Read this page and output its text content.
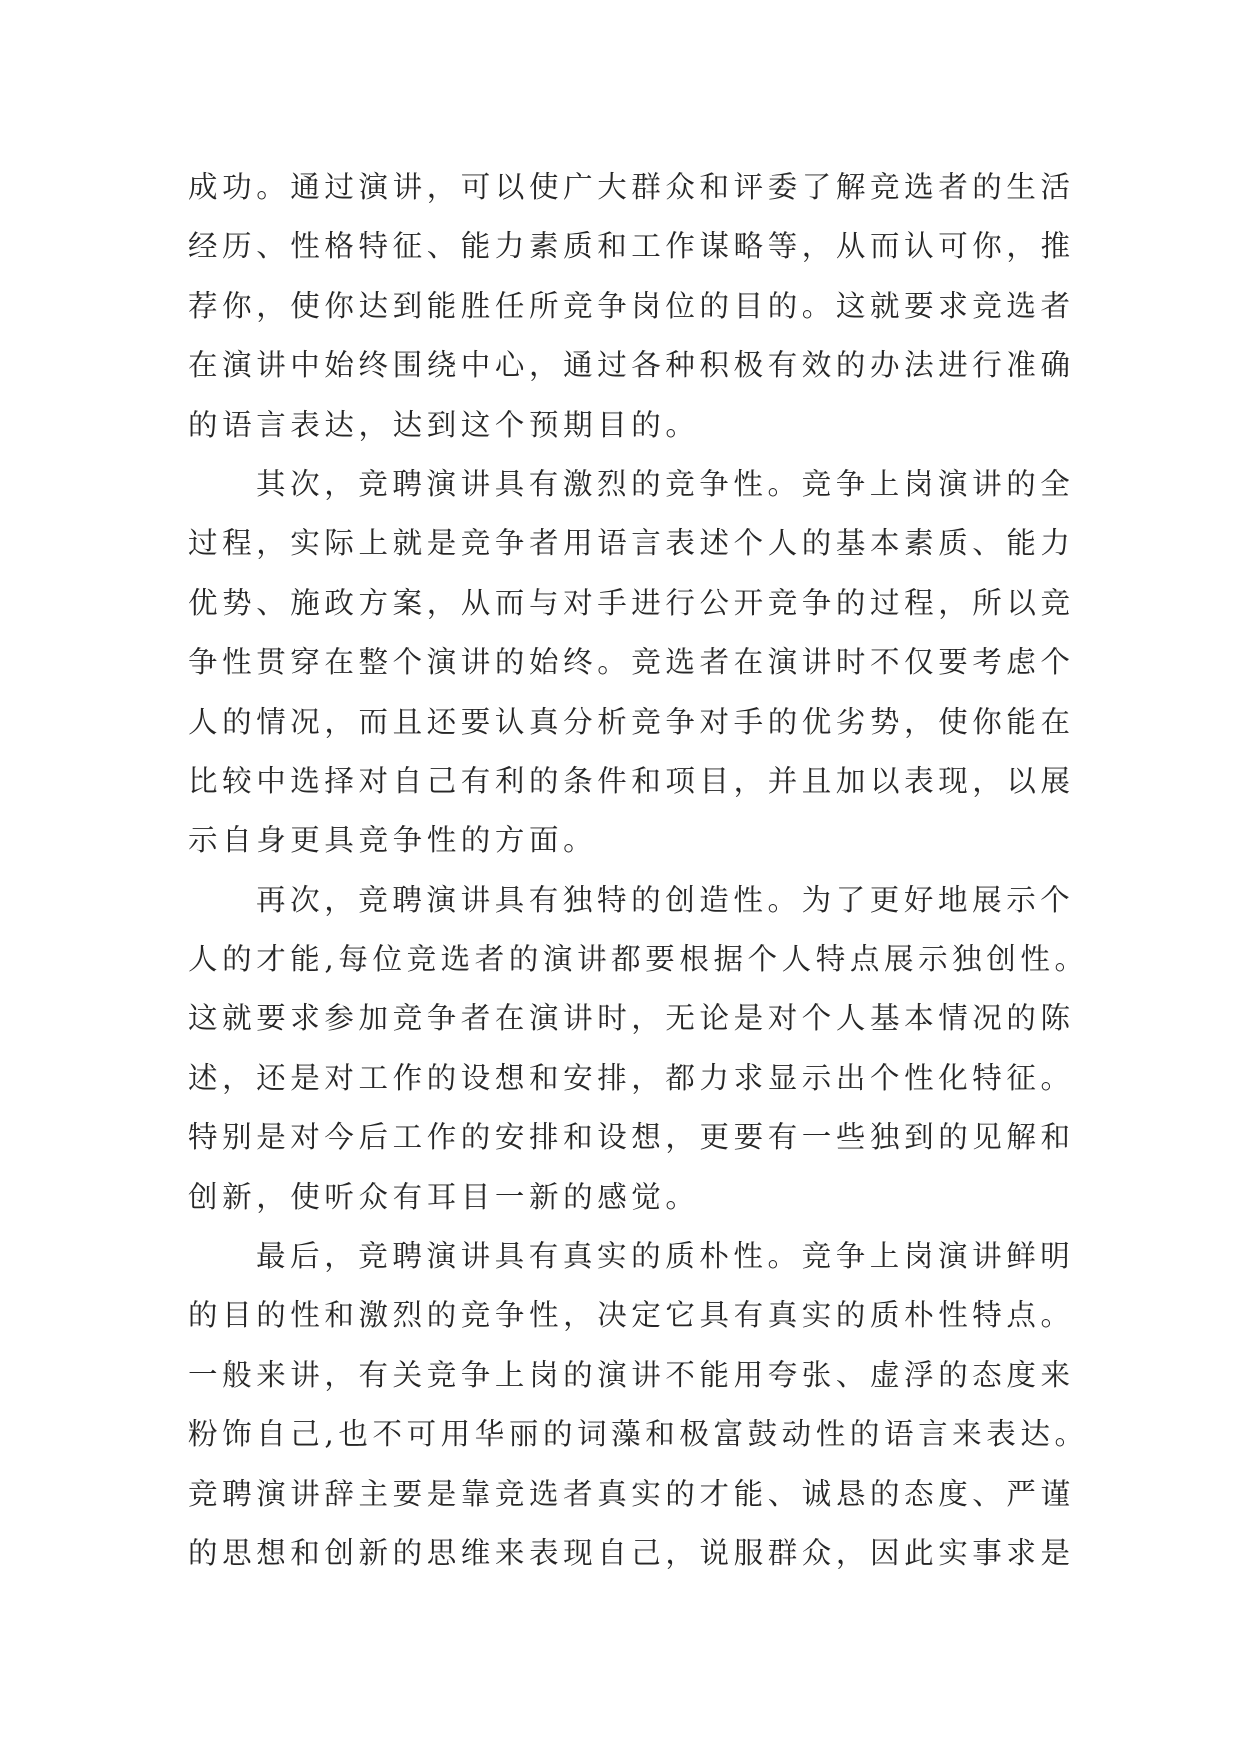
成功。通过演讲，可以使广大群众和评委了解竞选者的生活
经历、性格特征、能力素质和工作谋略等，从而认可你，推
荐你，使你达到能胜任所竞争岗位的目的。这就要求竞选者
在演讲中始终围绕中心，通过各种积极有效的办法进行准确
的语言表达，达到这个预期目的。
其次，竞聘演讲具有激烈的竞争性。竞争上岗演讲的全
过程，实际上就是竞争者用语言表述个人的基本素质、能力
优势、施政方案，从而与对手进行公开竞争的过程，所以竞
争性贯穿在整个演讲的始终。竞选者在演讲时不仅要考虑个
人的情况，而且还要认真分析竞争对手的优劣势，使你能在
比较中选择对自己有利的条件和项目，并且加以表现，以展
示自身更具竞争性的方面。
再次，竞聘演讲具有独特的创造性。为了更好地展示个
人的才能,每位竞选者的演讲都要根据个人特点展示独创性。
这就要求参加竞争者在演讲时，无论是对个人基本情况的陈
述，还是对工作的设想和安排，都力求显示出个性化特征。
特别是对今后工作的安排和设想，更要有一些独到的见解和
创新，使听众有耳目一新的感觉。
最后，竞聘演讲具有真实的质朴性。竞争上岗演讲鲜明
的目的性和激烈的竞争性，决定它具有真实的质朴性特点。
一般来讲，有关竞争上岗的演讲不能用夸张、虚浮的态度来
粉饰自己,也不可用华丽的词藻和极富鼓动性的语言来表达。
竞聘演讲辞主要是靠竞选者真实的才能、诚恳的态度、严谨
的思想和创新的思维来表现自己，说服群众，因此实事求是
